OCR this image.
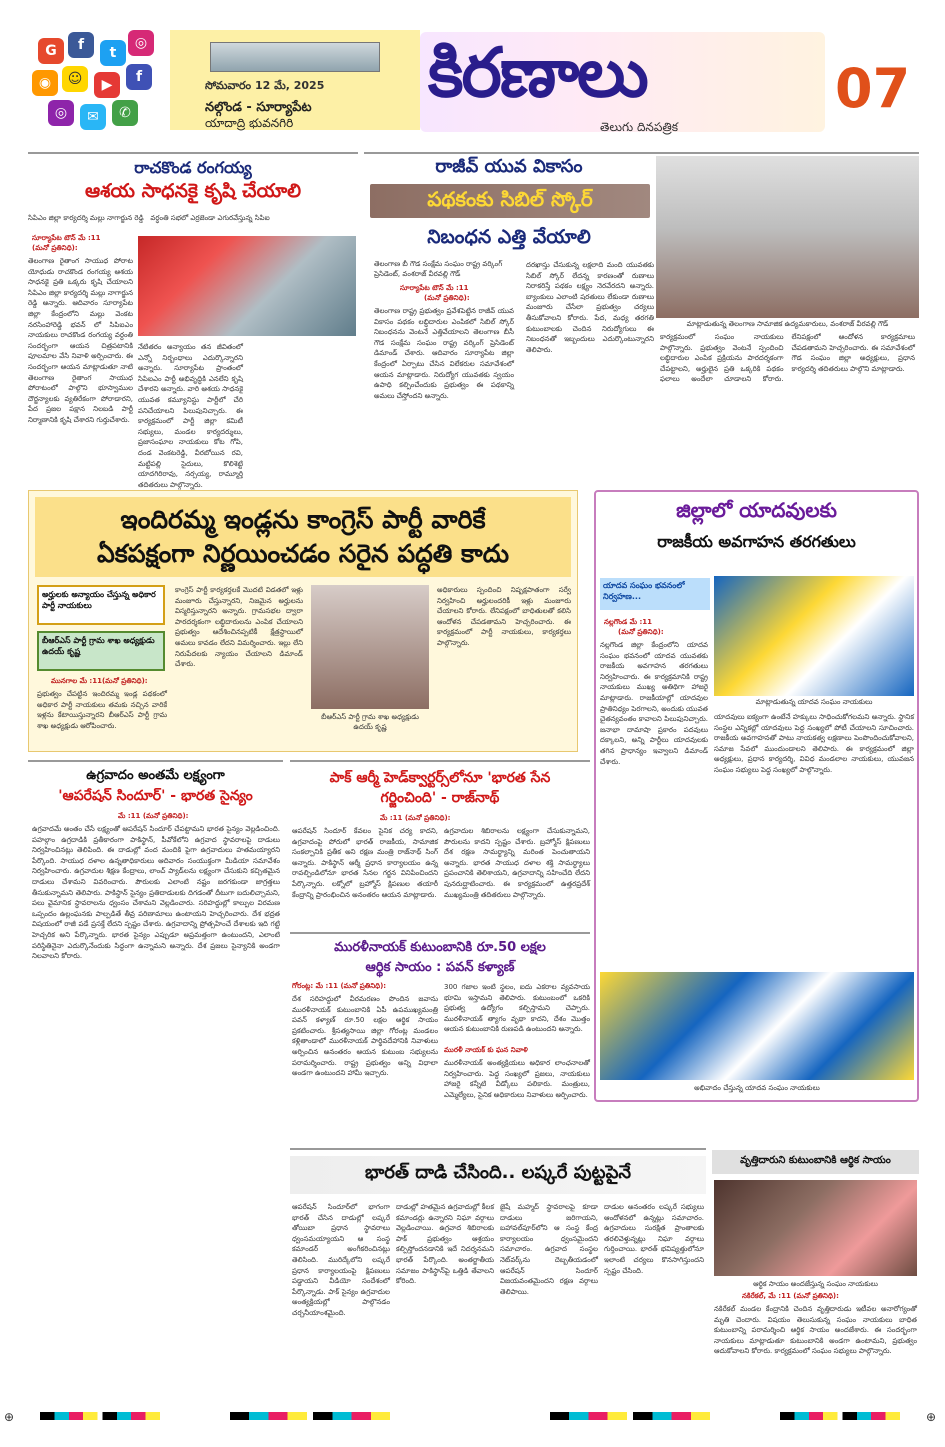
G	f	t
◎
◉	☺	▶	f
◎	✉	✆
సోమవారం 12 మే, 2025
నల్గొండ - సూర్యాపేట
యాదాద్రి భువనగిరి
కిరణాలు	07
తెలుగు దినపత్రిక
రాచకొండ రంగయ్య
ఆశయ సాధనకై కృషి చేయాలి
సిపిఎం జిల్లా కార్యదర్శి మల్లు నాగార్జున రెడ్డి వర్ధంతి సభలో ఎర్రజెండా ఎగురవేస్తున్న సిపిఐ
సూర్యాపేట టౌన్ మే :11
(మనో ప్రతినిధి):
తెలంగాణ రైతాంగ సాయుధ పోరాట యోధుడు రాచకొండ రంగయ్య ఆశయ సాధనకై ప్రతి ఒక్కరు కృషి చేయాలని సిపిఎం జిల్లా కార్యదర్శి మల్లు నాగార్జున రెడ్డి అన్నారు. ఆదివారం సూర్యాపేట జిల్లా కేంద్రంలోని మల్లు వెంకట నరసింహారెడ్డి భవన్ లో సిపిఐఎం నాయకులు రాచకొండ రంగయ్య వర్ధంతి సందర్భంగా ఆయన చిత్రపటానికి పూలమాల వేసి నివాళి అర్పించారు. ఈ సందర్భంగా ఆయన మాట్లాడుతూ నాటి తెలంగాణ రైతాంగ సాయుధ పోరాటంలో పాల్గొని భూస్వాముల దౌర్జన్యాలకు వ్యతిరేకంగా పోరాడారని, పేద ప్రజల పక్షాన నిలబడి పార్టీ నిర్మాణానికి కృషి చేశారని గుర్తుచేశారు.
నేటితరం అన్యాయం తన జీవితంలో ఎన్నో నిర్బంధాలు ఎదుర్కొన్నారని అన్నారు. సూర్యాపేట ప్రాంతంలో సిపిఐఎం పార్టీ అభివృద్ధికి ఎనలేని కృషి చేశారని అన్నారు. వారి ఆశయ సాధనకై యువత కమ్యూనిస్టు పార్టీలో చేరి పనిచేయాలని పిలుపునిచ్చారు. ఈ కార్యక్రమంలో పార్టీ జిల్లా కమిటీ సభ్యులు, మండల కార్యదర్శులు, ప్రజాసంఘాల నాయకులు కోట గోపి, దండ వెంకటరెడ్డి, వీరబోయిన రవి, మట్టిపల్లి సైదులు, కొలిశెట్టి యాదగిరిరావు, నర్సయ్య, రామ్మూర్తి తదితరులు పాల్గొన్నారు.
రాజీవ్ యువ వికాసం
పథకంకు సిబిల్ స్కోర్
నిబంధన ఎత్తి వేయాలి
మాట్లాడుతున్న తెలంగాణ సామాజిక ఉద్యమకారులు, వంశరాజ్ వీరవల్లి గౌడ్
తెలంగాణ బీ గౌడ సంక్షేమ సంఘం రాష్ట్ర వర్కింగ్ ప్రెసిడెంట్, వంశరాజ్ వీరవల్లి గౌడ్
సూర్యాపేట టౌన్ మే :11
(మనో ప్రతినిధి):
తెలంగాణ రాష్ట్ర ప్రభుత్వం ప్రవేశపెట్టిన రాజీవ్ యువ వికాసం పథకం లబ్ధిదారుల ఎంపికలో సిబిల్ స్కోర్ నిబంధనను వెంటనే ఎత్తివేయాలని తెలంగాణ బీసీ గౌడ సంక్షేమ సంఘం రాష్ట్ర వర్కింగ్ ప్రెసిడెంట్ డిమాండ్ చేశారు. ఆదివారం సూర్యాపేట జిల్లా కేంద్రంలో ఏర్పాటు చేసిన విలేకరుల సమావేశంలో ఆయన మాట్లాడారు. నిరుద్యోగ యువతకు స్వయం ఉపాధి కల్పించేందుకు ప్రభుత్వం ఈ పథకాన్ని అమలు చేస్తోందని అన్నారు.
దరఖాస్తు చేసుకున్న లక్షలాది మంది యువతకు సిబిల్ స్కోర్ లేదన్న కారణంతో రుణాలు నిరాకరిస్తే పథకం లక్ష్యం నెరవేరదని అన్నారు. బ్యాంకులు ఎలాంటి షరతులు లేకుండా రుణాలు మంజూరు చేసేలా ప్రభుత్వం చర్యలు తీసుకోవాలని కోరారు. పేద, మధ్య తరగతి కుటుంబాలకు చెందిన నిరుద్యోగులు ఈ నిబంధనతో ఇబ్బందులు ఎదుర్కొంటున్నారని తెలిపారు.
కార్యక్రమంలో సంఘం నాయకులు పాల్గొన్నారు. ప్రభుత్వం వెంటనే స్పందించి లబ్ధిదారుల ఎంపిక ప్రక్రియను పారదర్శకంగా చేపట్టాలని, అర్హులైన ప్రతి ఒక్కరికి పథకం ఫలాలు అందేలా చూడాలని కోరారు. లేనిపక్షంలో ఆందోళన కార్యక్రమాలు చేపడతామని హెచ్చరించారు. ఈ సమావేశంలో గౌడ సంఘం జిల్లా అధ్యక్షులు, ప్రధాన కార్యదర్శి తదితరులు పాల్గొని మాట్లాడారు.
ఇందిరమ్మ ఇండ్లను కాంగ్రెస్ పార్టీ వారికే
ఏకపక్షంగా నిర్ణయించడం సరైన పద్ధతి కాదు
అర్హులకు అన్యాయం చేస్తున్న అధికార పార్టీ నాయకులు
బీఆర్ఎస్ పార్టీ గ్రామ శాఖ అధ్యక్షుడు ఉదయ్ కృష్ణ
మునగాల మే :11(మనో ప్రతినిధి):
ప్రభుత్వం చేపట్టిన ఇందిరమ్మ ఇండ్ల పథకంలో అధికార పార్టీ నాయకులు తమకు నచ్చిన వారికే ఇళ్లను కేటాయిస్తున్నారని బీఆర్ఎస్ పార్టీ గ్రామ శాఖ అధ్యక్షుడు ఆరోపించారు.
కాంగ్రెస్ పార్టీ కార్యకర్తలకే మొదటి విడతలో ఇళ్లు మంజూరు చేస్తున్నారని, నిజమైన అర్హులను విస్మరిస్తున్నారని అన్నారు. గ్రామసభల ద్వారా పారదర్శకంగా లబ్ధిదారులను ఎంపిక చేయాలని ప్రభుత్వం ఆదేశించినప్పటికీ క్షేత్రస్థాయిలో అమలు కావడం లేదని విమర్శించారు. ఇల్లు లేని నిరుపేదలకు న్యాయం చేయాలని డిమాండ్ చేశారు.
బీఆర్ఎస్ పార్టీ గ్రామ శాఖ అధ్యక్షుడు ఉదయ్ కృష్ణ
అధికారులు స్పందించి నిష్పక్షపాతంగా సర్వే నిర్వహించి అర్హులందరికీ ఇళ్లు మంజూరు చేయాలని కోరారు. లేనిపక్షంలో బాధితులతో కలిసి ఆందోళన చేపడతామని హెచ్చరించారు. ఈ కార్యక్రమంలో పార్టీ నాయకులు, కార్యకర్తలు పాల్గొన్నారు.
జిల్లాలో యాదవులకు
రాజకీయ అవగాహన తరగతులు
యాదవ సంఘం భవనంలో నిర్వహణ...
నల్లగొండ మే :11
(మనో ప్రతినిధి):
మాట్లాడుతున్న యాదవ సంఘం నాయకులు
నల్లగొండ జిల్లా కేంద్రంలోని యాదవ సంఘం భవనంలో యాదవ యువతకు రాజకీయ అవగాహన తరగతులు నిర్వహించారు. ఈ కార్యక్రమానికి రాష్ట్ర నాయకులు ముఖ్య అతిథిగా హాజరై మాట్లాడారు. రాజకీయాల్లో యాదవుల ప్రాతినిధ్యం పెరగాలని, అందుకు యువత చైతన్యవంతం కావాలని పిలుపునిచ్చారు. జనాభా దామాషా ప్రకారం పదవులు దక్కాలని, అన్ని పార్టీలు యాదవులకు తగిన ప్రాధాన్యం ఇవ్వాలని డిమాండ్ చేశారు.
యాదవులు ఐక్యంగా ఉంటేనే హక్కులు సాధించుకోగలమని అన్నారు. స్థానిక సంస్థల ఎన్నికల్లో యాదవులు పెద్ద సంఖ్యలో పోటీ చేయాలని సూచించారు. రాజకీయ అవగాహనతో పాటు నాయకత్వ లక్షణాలు పెంపొందించుకోవాలని, సమాజ సేవలో ముందుండాలని తెలిపారు. ఈ కార్యక్రమంలో జిల్లా అధ్యక్షులు, ప్రధాన కార్యదర్శి, వివిధ మండలాల నాయకులు, యువజన సంఘం సభ్యులు పెద్ద సంఖ్యలో పాల్గొన్నారు.
అభివాదం చేస్తున్న యాదవ సంఘం నాయకులు
ఉగ్రవాదం అంతమే లక్ష్యంగా
'ఆపరేషన్ సిందూర్' - భారత సైన్యం
మే :11 (మనో ప్రతినిధి):
ఉగ్రవాదమే అంతం చేసే లక్ష్యంతో ఆపరేషన్ సిందూర్ చేపట్టామని భారత సైన్యం వెల్లడించింది. పహల్గాం ఉగ్రదాడికి ప్రతీకారంగా పాకిస్థాన్, పీవోకేలోని ఉగ్రవాద స్థావరాలపై దాడులు నిర్వహించినట్లు తెలిపింది. ఈ దాడుల్లో వంద మందికి పైగా ఉగ్రవాదులు హతమయ్యారని పేర్కొంది. సాయుధ దళాల ఉన్నతాధికారులు ఆదివారం సంయుక్తంగా మీడియా సమావేశం నిర్వహించారు. ఉగ్రవాదుల శిక్షణ కేంద్రాలు, లాంచ్ ప్యాడ్‌లను లక్ష్యంగా చేసుకుని కచ్చితమైన దాడులు చేశామని వివరించారు. పౌరులకు ఎలాంటి నష్టం జరగకుండా జాగ్రత్తలు తీసుకున్నామని తెలిపారు. పాకిస్థాన్ సైన్యం ప్రతిదాడులకు దిగడంతో దీటుగా బదులిచ్చామని, పలు వైమానిక స్థావరాలను ధ్వంసం చేశామని వెల్లడించారు. సరిహద్దుల్లో కాల్పుల విరమణ ఒప్పందం ఉల్లంఘనకు పాల్పడితే తీవ్ర పరిణామాలు ఉంటాయని హెచ్చరించారు. దేశ భద్రత విషయంలో రాజీ పడే ప్రసక్తే లేదని స్పష్టం చేశారు. ఉగ్రవాదాన్ని ప్రోత్సహించే దేశాలకు ఇది గట్టి హెచ్చరిక అని పేర్కొన్నారు. భారత సైన్యం ఎప్పుడూ అప్రమత్తంగా ఉంటుందని, ఎలాంటి పరిస్థితినైనా ఎదుర్కొనేందుకు సిద్ధంగా ఉన్నామని అన్నారు. దేశ ప్రజలు సైన్యానికి అండగా నిలవాలని కోరారు.
పాక్ ఆర్మీ హెడ్‌క్వార్టర్స్‌లోనూ 'భారత సేన
గర్జించింది' - రాజ్‌నాథ్
మే :11 (మనో ప్రతినిధి):
ఆపరేషన్ సిందూర్ కేవలం సైనిక చర్య కాదని, ఉగ్రవాదంపై పోరులో భారత్ రాజకీయ, సామాజిక సంకల్పానికి ప్రతీక అని రక్షణ మంత్రి రాజ్‌నాథ్ సింగ్ అన్నారు. పాకిస్థాన్ ఆర్మీ ప్రధాన కార్యాలయం ఉన్న రావల్పిండిలోనూ భారత సేనల గర్జన వినిపించిందని పేర్కొన్నారు. లక్నోలో బ్రహ్మోస్ క్షిపణుల తయారీ కేంద్రాన్ని ప్రారంభించిన అనంతరం ఆయన మాట్లాడారు.
ఉగ్రవాదుల శిబిరాలను లక్ష్యంగా చేసుకున్నామని, పౌరులను కాదని స్పష్టం చేశారు. బ్రహ్మోస్ క్షిపణులు దేశ రక్షణ సామర్థ్యాన్ని మరింత పెంచుతాయని అన్నారు. భారత సాయుధ దళాల శక్తి సామర్థ్యాలు ప్రపంచానికి తెలిశాయని, ఉగ్రవాదాన్ని సహించేది లేదని పునరుద్ఘాటించారు. ఈ కార్యక్రమంలో ఉత్తరప్రదేశ్ ముఖ్యమంత్రి తదితరులు పాల్గొన్నారు.
మురళీనాయక్ కుటుంబానికి రూ.50 లక్షల
ఆర్థిక సాయం : పవన్ కళ్యాణ్
గోరంట్ల: మే :11 (మనో ప్రతినిధి):
దేశ సరిహద్దులో వీరమరణం పొందిన జవాను మురళీనాయక్ కుటుంబానికి ఏపీ ఉపముఖ్యమంత్రి పవన్ కళ్యాణ్ రూ.50 లక్షల ఆర్థిక సాయం ప్రకటించారు. శ్రీసత్యసాయి జిల్లా గోరంట్ల మండలం కళ్లితాండాలో మురళీనాయక్ పార్థివదేహానికి నివాళులు అర్పించిన అనంతరం ఆయన కుటుంబ సభ్యులను పరామర్శించారు. రాష్ట్ర ప్రభుత్వం అన్ని విధాలా అండగా ఉంటుందని హామీ ఇచ్చారు.
300 గజాల ఇంటి స్థలం, ఐదు ఎకరాల వ్యవసాయ భూమి ఇస్తామని తెలిపారు. కుటుంబంలో ఒకరికి ప్రభుత్వ ఉద్యోగం కల్పిస్తామని చెప్పారు. మురళీనాయక్ త్యాగం వృథా కాదని, దేశం మొత్తం ఆయన కుటుంబానికి రుణపడి ఉంటుందని అన్నారు.
మురళీ నాయక్ కు ఘన నివాళి
మురళీనాయక్ అంత్యక్రియలు అధికార లాంఛనాలతో నిర్వహించారు. పెద్ద సంఖ్యలో ప్రజలు, నాయకులు హాజరై కన్నీటి వీడ్కోలు పలికారు. మంత్రులు, ఎమ్మెల్యేలు, సైనిక అధికారులు నివాళులు అర్పించారు.
భారత్ దాడి చేసింది.. లష్కరే పుట్టపైనే
ఆపరేషన్ సిందూర్‌లో భాగంగా భారత్ చేసిన దాడుల్లో లష్కరే తోయిబా ప్రధాన స్థావరాలు ధ్వంసమయ్యాయని ఆ సంస్థ కమాండర్ అంగీకరించినట్లు తెలిసింది. మురిద్కేలోని లష్కరే ప్రధాన కార్యాలయంపై క్షిపణులు పడ్డాయని వీడియో సందేశంలో పేర్కొన్నాడు. పాక్ సైన్యం ఉగ్రవాదుల అంత్యక్రియల్లో పాల్గొనడం చర్చనీయాంశమైంది.
దాడుల్లో హతమైన ఉగ్రవాదుల్లో కీలక కమాండర్లు ఉన్నారని నిఘా వర్గాలు వెల్లడించాయి. ఉగ్రవాద శిబిరాలకు పాక్ ప్రభుత్వం ఆశ్రయం కల్పిస్తోందనడానికి ఇదే నిదర్శనమని భారత్ పేర్కొంది. అంతర్జాతీయ సమాజం పాకిస్థాన్‌పై ఒత్తిడి తేవాలని కోరింది.
జైషే మహ్మద్ స్థావరాలపై కూడా దాడులు జరిగాయని, బహావల్‌పూర్‌లోని ఆ సంస్థ కేంద్ర కార్యాలయం ధ్వంసమైందని సమాచారం. ఉగ్రవాద సంస్థల నెట్‌వర్క్‌ను దెబ్బతీయడంలో ఆపరేషన్ సిందూర్ విజయవంతమైందని రక్షణ వర్గాలు తెలిపాయి.
దాడుల అనంతరం లష్కరే సభ్యులు ఆందోళనలో ఉన్నట్లు సమాచారం. ఉగ్రవాదులు సురక్షిత ప్రాంతాలకు తరలివెళ్తున్నట్లు నిఘా వర్గాలు గుర్తించాయి. భారత్ భవిష్యత్తులోనూ ఇలాంటి చర్యలు కొనసాగిస్తుందని స్పష్టం చేసింది.
వృత్తిదారుని కుటుంబానికి ఆర్థిక సాయం
ఆర్థిక సాయం అందజేస్తున్న సంఘం నాయకులు
నకిరేకల్, మే :11 (మనో ప్రతినిధి):
నకిరేకల్ మండల కేంద్రానికి చెందిన వృత్తిదారుడు ఇటీవల అనారోగ్యంతో మృతి చెందారు. విషయం తెలుసుకున్న సంఘం నాయకులు బాధిత కుటుంబాన్ని పరామర్శించి ఆర్థిక సాయం అందజేశారు. ఈ సందర్భంగా నాయకులు మాట్లాడుతూ కుటుంబానికి అండగా ఉంటామని, ప్రభుత్వం ఆదుకోవాలని కోరారు. కార్యక్రమంలో సంఘం సభ్యులు పాల్గొన్నారు.
⊕	⊕
